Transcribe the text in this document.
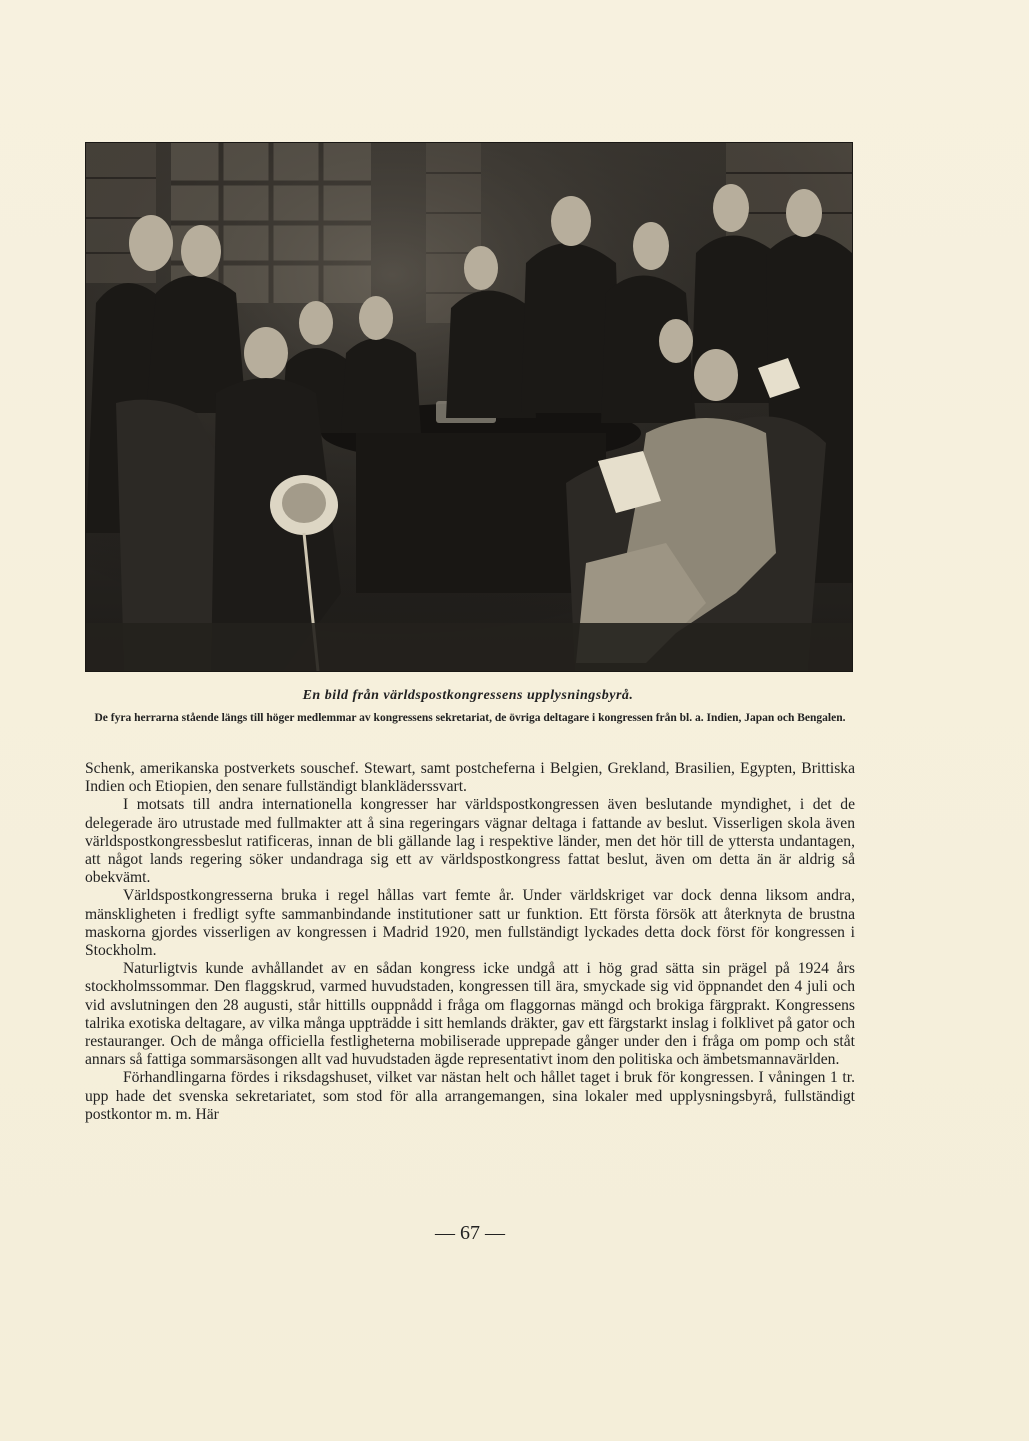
En bild från världspostkongressens upplysningsbyrå.
De fyra herrarna stående längs till höger medlemmar av kongressens sekretariat, de övriga deltagare i kongressen från bl. a. Indien, Japan och Bengalen.

Schenk, amerikanska postverkets souschef. Stewart, samt postcheferna i Belgien, Grekland, Brasilien, Egypten, Brittiska Indien och Etiopien, den senare fullständigt blankläderssvart.

I motsats till andra internationella kongresser har världspostkongressen även beslutande myndighet, i det de delegerade äro utrustade med fullmakter att å sina regeringars vägnar deltaga i fattande av beslut. Visserligen skola även världspostkongressbeslut ratificeras, innan de bli gällande lag i respektive länder, men det hör till de yttersta undantagen, att något lands regering söker undandraga sig ett av världspostkongress fattat beslut, även om detta än är aldrig så obekvämt.

Världspostkongresserna bruka i regel hållas vart femte år. Under världskriget var dock denna liksom andra, mänskligheten i fredligt syfte sammanbindande institutioner satt ur funktion. Ett första försök att återknyta de brustna maskorna gjordes visserligen av kongressen i Madrid 1920, men fullständigt lyckades detta dock först för kongressen i Stockholm.

Naturligtvis kunde avhållandet av en sådan kongress icke undgå att i hög grad sätta sin prägel på 1924 års stockholmssommar. Den flaggskrud, varmed huvudstaden, kongressen till ära, smyckade sig vid öppnandet den 4 juli och vid avslutningen den 28 augusti, står hittills ouppnådd i fråga om flaggornas mängd och brokiga färgprakt. Kongressens talrika exotiska deltagare, av vilka många uppträdde i sitt hemlands dräkter, gav ett färgstarkt inslag i folklivet på gator och restauranger. Och de många officiella festligheterna mobiliserade upprepade gånger under den i fråga om pomp och ståt annars så fattiga sommarsäsongen allt vad huvudstaden ägde representativt inom den politiska och ämbetsmannavärlden.

Förhandlingarna fördes i riksdagshuset, vilket var nästan helt och hållet taget i bruk för kongressen. I våningen 1 tr. upp hade det svenska sekretariatet, som stod för alla arrangemangen, sina lokaler med upplysningsbyrå, fullständigt postkontor m. m. Här

— 67 —
